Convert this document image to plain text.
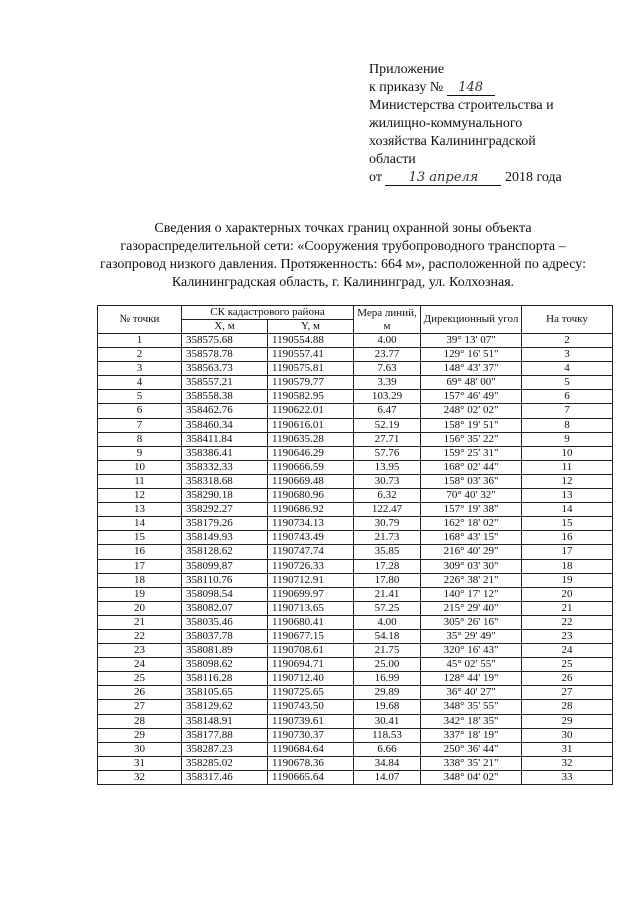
Приложение
к приказу № 148
Министерства строительства и
жилищно-коммунального
хозяйства Калининградской
области
от 13 апреля 2018 года
Сведения о характерных точках границ охранной зоны объекта газораспределительной сети: «Сооружения трубопроводного транспорта – газопровод низкого давления. Протяженность: 664 м», расположенной по адресу: Калининградская область, г. Калининград, ул. Колхозная.
№ точки	СК кадастрового района		Мера линий, м	Дирекционный угол	На точку
	X, м	Y, м			
1	358575.68	1190554.88	4.00	39° 13' 07"	2
2	358578.78	1190557.41	23.77	129° 16' 51"	3
3	358563.73	1190575.81	7.63	148° 43' 37"	4
4	358557.21	1190579.77	3.39	69° 48' 00"	5
5	358558.38	1190582.95	103.29	157° 46' 49"	6
6	358462.76	1190622.01	6.47	248° 02' 02"	7
7	358460.34	1190616.01	52.19	158° 19' 51"	8
8	358411.84	1190635.28	27.71	156° 35' 22"	9
9	358386.41	1190646.29	57.76	159° 25' 31"	10
10	358332.33	1190666.59	13.95	168° 02' 44"	11
11	358318.68	1190669.48	30.73	158° 03' 36"	12
12	358290.18	1190680.96	6.32	70° 40' 32"	13
13	358292.27	1190686.92	122.47	157° 19' 38"	14
14	358179.26	1190734.13	30.79	162° 18' 02"	15
15	358149.93	1190743.49	21.73	168° 43' 15"	16
16	358128.62	1190747.74	35.85	216° 40' 29"	17
17	358099.87	1190726.33	17.28	309° 03' 30"	18
18	358110.76	1190712.91	17.80	226° 38' 21"	19
19	358098.54	1190699.97	21.41	140° 17' 12"	20
20	358082.07	1190713.65	57.25	215° 29' 40"	21
21	358035.46	1190680.41	4.00	305° 26' 16"	22
22	358037.78	1190677.15	54.18	35° 29' 49"	23
23	358081.89	1190708.61	21.75	320° 16' 43"	24
24	358098.62	1190694.71	25.00	45° 02' 55"	25
25	358116.28	1190712.40	16.99	128° 44' 19"	26
26	358105.65	1190725.65	29.89	36° 40' 27"	27
27	358129.62	1190743.50	19.68	348° 35' 55"	28
28	358148.91	1190739.61	30.41	342° 18' 35"	29
29	358177.88	1190730.37	118.53	337° 18' 19"	30
30	358287.23	1190684.64	6.66	250° 36' 44"	31
31	358285.02	1190678.36	34.84	338° 35' 21"	32
32	358317.46	1190665.64	14.07	348° 04' 02"	33
